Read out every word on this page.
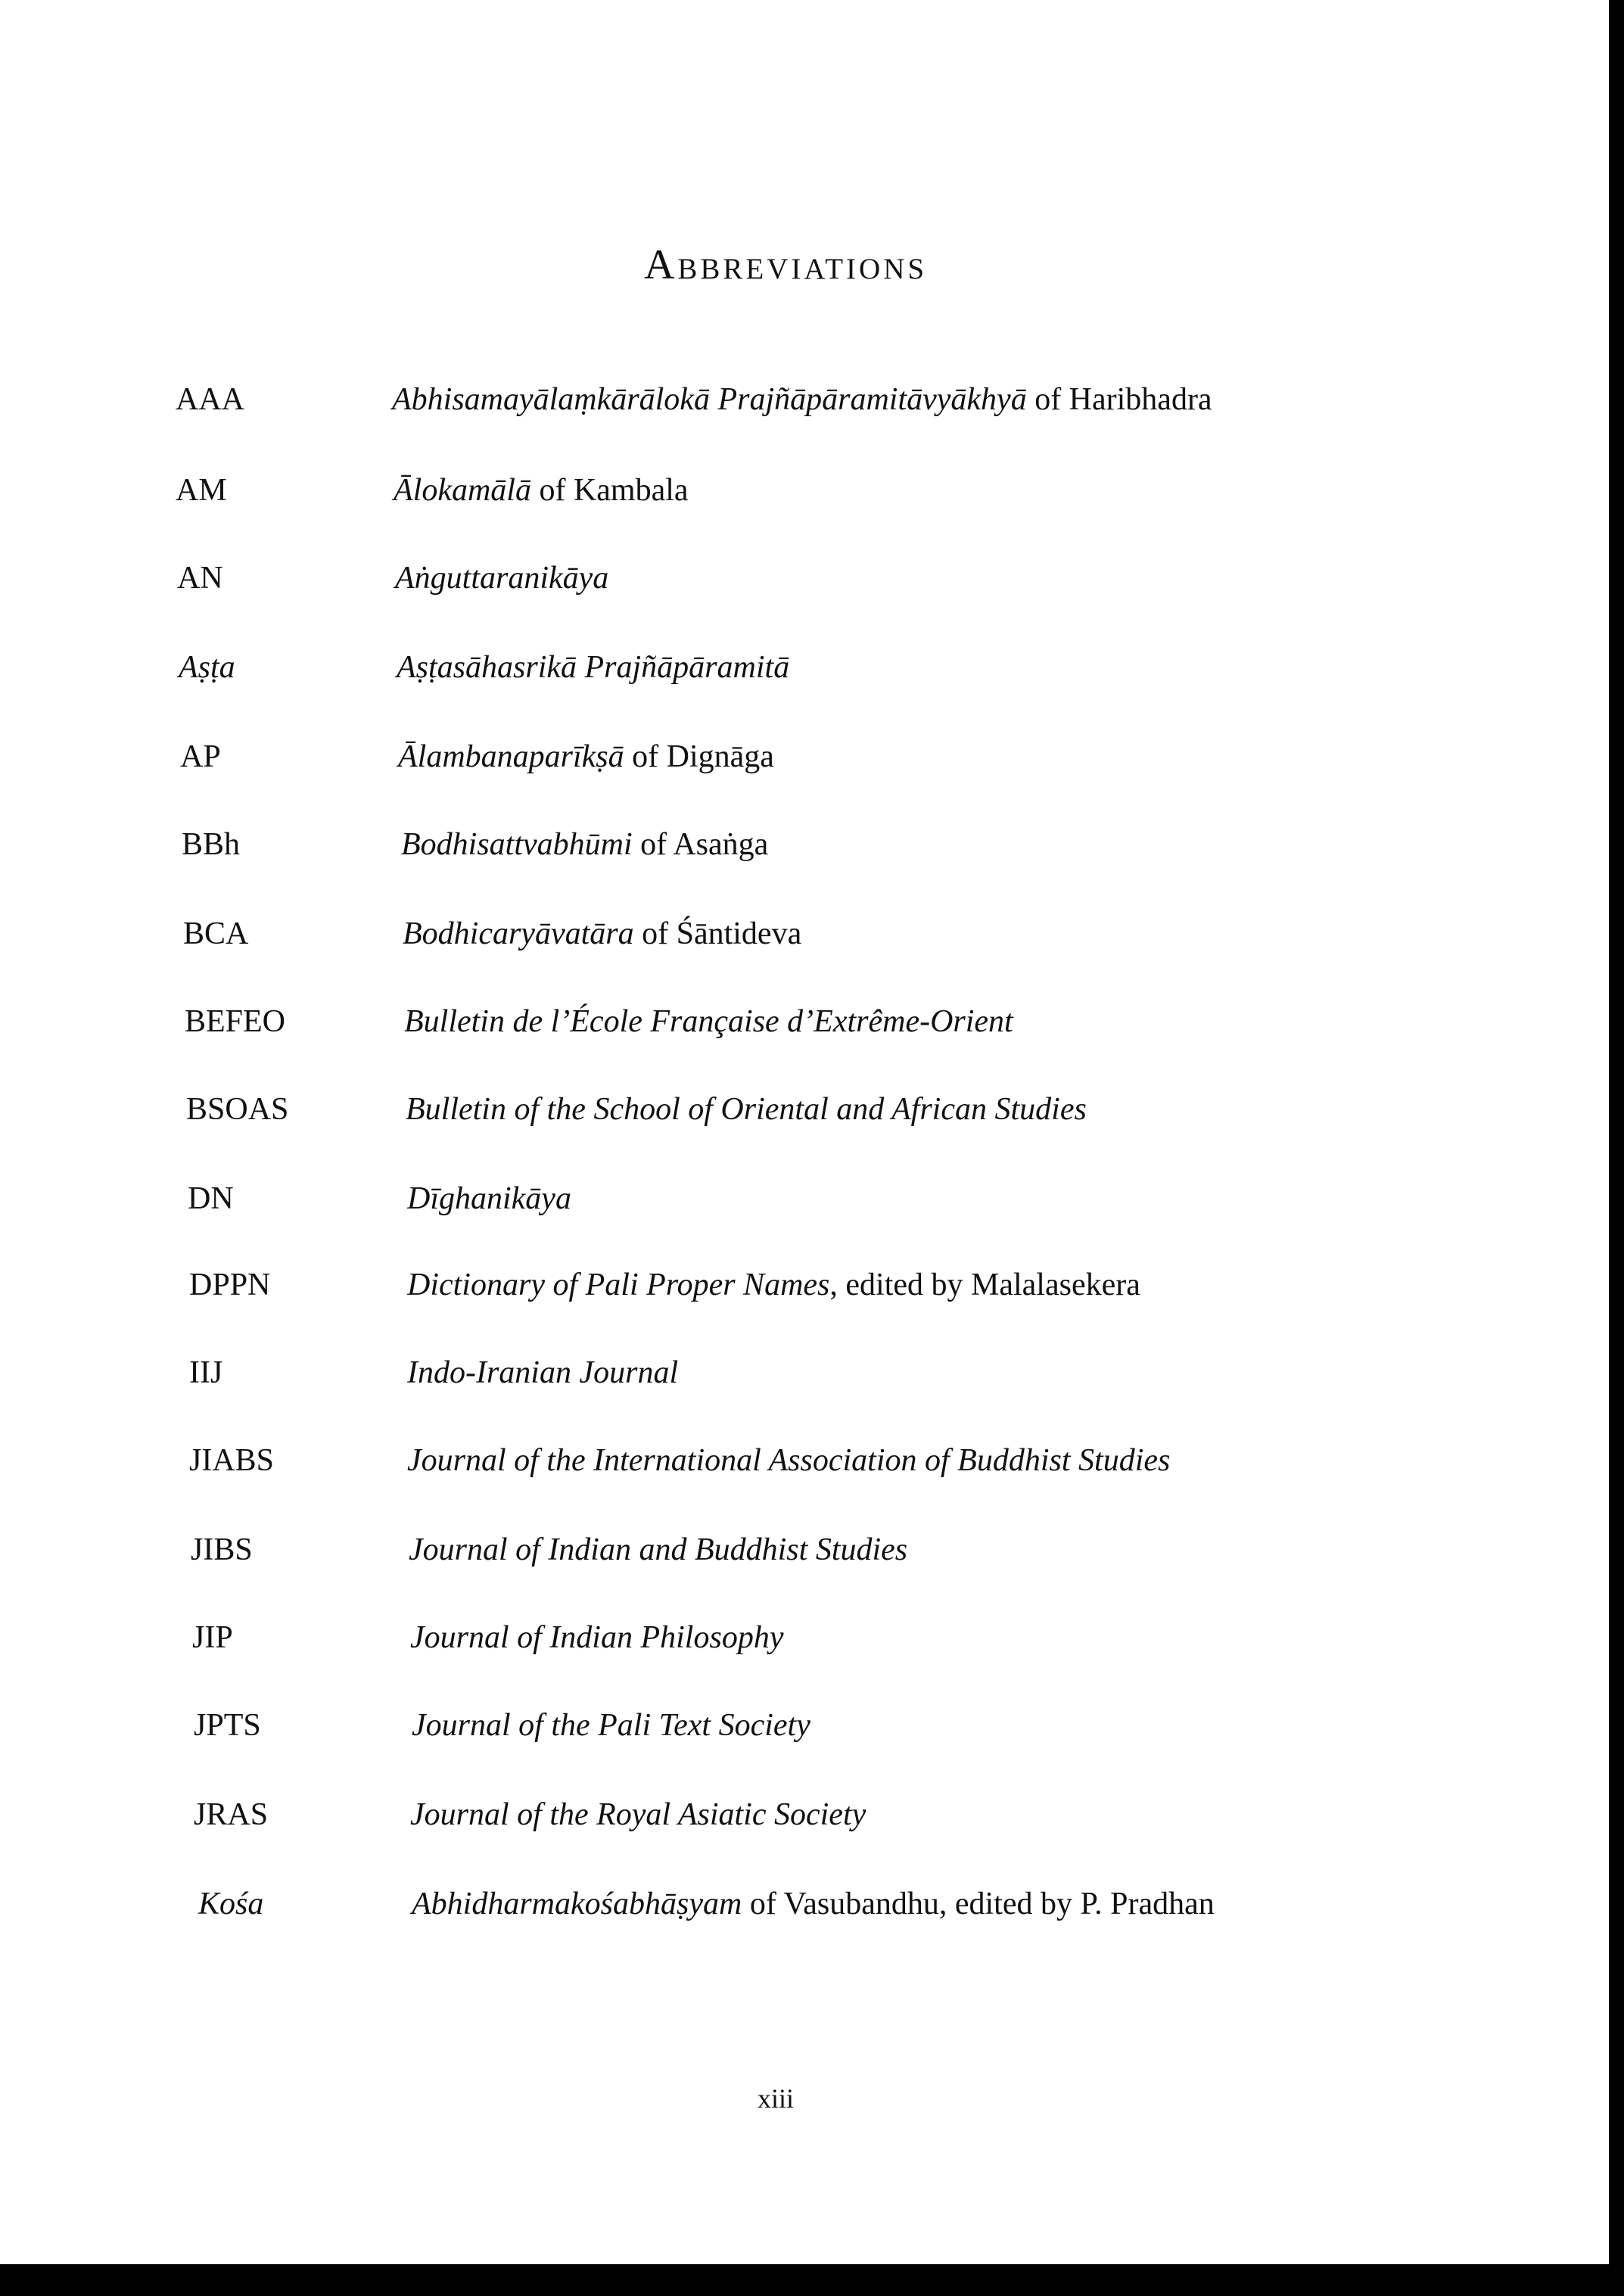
Abbreviations
AAA	Abhisamayālaṃkārālokā Prajñāpāramitāvyākhyā of Haribhadra
AM	Ālokamālā of Kambala
AN	Aṅguttaranikāya
Aṣṭa	Aṣṭasāhasrikā Prajñāpāramitā
AP	Ālambanaparīkṣā of Dignāga
BBh	Bodhisattvabhūmi of Asaṅga
BCA	Bodhicaryāvatāra of Śāntideva
BEFEO	Bulletin de l’École Française d’Extrême-Orient
BSOAS	Bulletin of the School of Oriental and African Studies
DN	Dīghanikāya
DPPN	Dictionary of Pali Proper Names, edited by Malalasekera
IIJ	Indo-Iranian Journal
JIABS	Journal of the International Association of Buddhist Studies
JIBS	Journal of Indian and Buddhist Studies
JIP	Journal of Indian Philosophy
JPTS	Journal of the Pali Text Society
JRAS	Journal of the Royal Asiatic Society
Kośa	Abhidharmakośabhāṣyam of Vasubandhu, edited by P. Pradhan

xiii
